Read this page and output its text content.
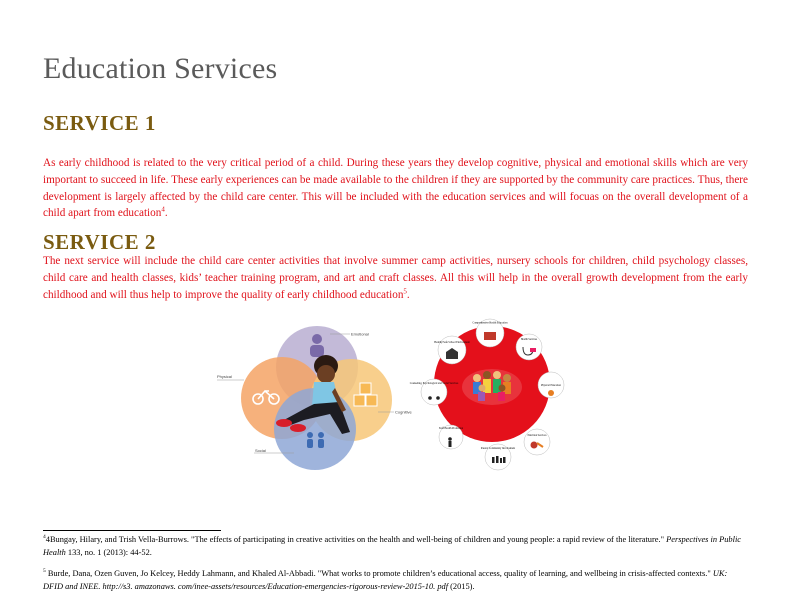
Education Services
SERVICE 1

As early childhood is related to the very critical period of a child. During these years they develop cognitive, physical and emotional skills which are very important to succeed in life. These early experiences can be made available to the children if they are supported by the community care practices. Thus, there development is largely affected by the child care center. This will be included with the education services and will focuas on the overall development of a child apart from education$^4$.

SERVICE 2

The next service will include the child care center activities that involve summer camp activities, nursery schools for children, child psychology classes, child care and health classes, kids’ teacher training program, and art and craft classes. All this will help in the overall growth development from the early childhood and will thus help to improve the quality of early childhood education$^5$.

Emotional
Physical
Cognitive
Social
Comprehensive Health Education
Health Services
Physical Education
Nutrition Services
Parent/ Community Involvement
Staff Health Promotion
Counseling, Psychological and Social Services
Healthy/Safe School Environment

$^4$4Bungay, Hilary, and Trish Vella-Burrows. "The effects of participating in creative activities on the health and well-being of children and young people: a rapid review of the literature." Perspectives in Public Health 133, no. 1 (2013): 44-52.

$^5$ Burde, Dana, Ozen Guven, Jo Kelcey, Heddy Lahmann, and Khaled Al-Abbadi. "What works to promote children’s educational access, quality of learning, and wellbeing in crisis-affected contexts." UK: DFID and INEE. http://s3. amazonaws. com/inee-assets/resources/Education-emergencies-rigorous-review-2015-10. pdf (2015).
